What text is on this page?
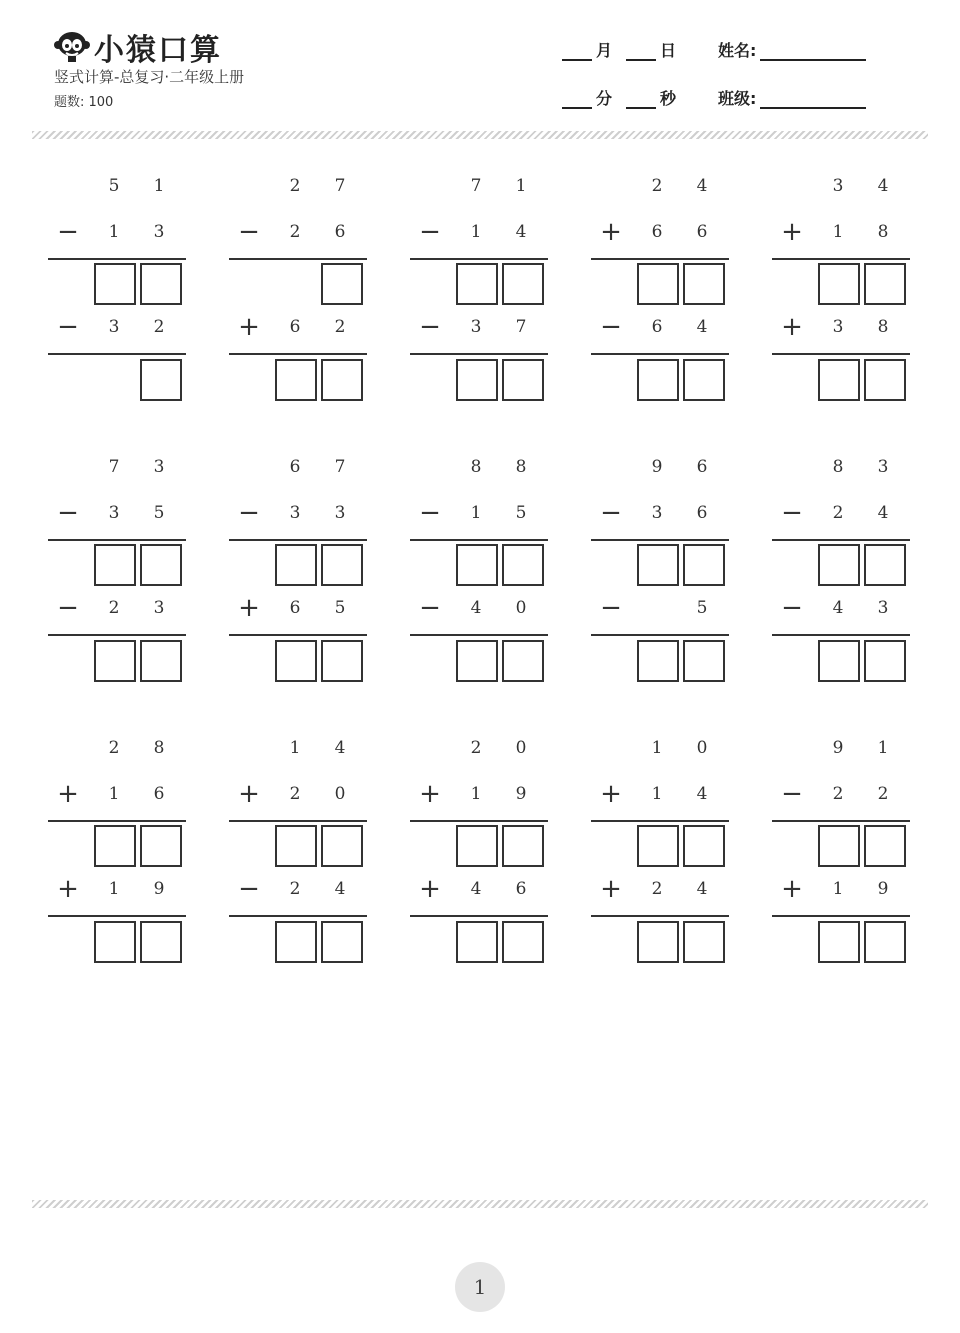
小猿口算
竖式计算-总复习·二年级上册
题数: 100
月	日	姓名:
分	秒	班级:
5 1
− 1 3
− 3 2
2 7
− 2 6
+ 6 2
7 1
− 1 4
− 3 7
2 4
+ 6 6
− 6 4
3 4
+ 1 8
+ 3 8
7 3
− 3 5
− 2 3
6 7
− 3 3
+ 6 5
8 8
− 1 5
− 4 0
9 6
− 3 6
−	5
8 3
− 2 4
− 4 3
2 8
+ 1 6
+ 1 9
1 4
+ 2 0
− 2 4
2 0
+ 1 9
+ 4 6
1 0
+ 1 4
+ 2 4
9 1
− 2 2
+ 1 9
1
